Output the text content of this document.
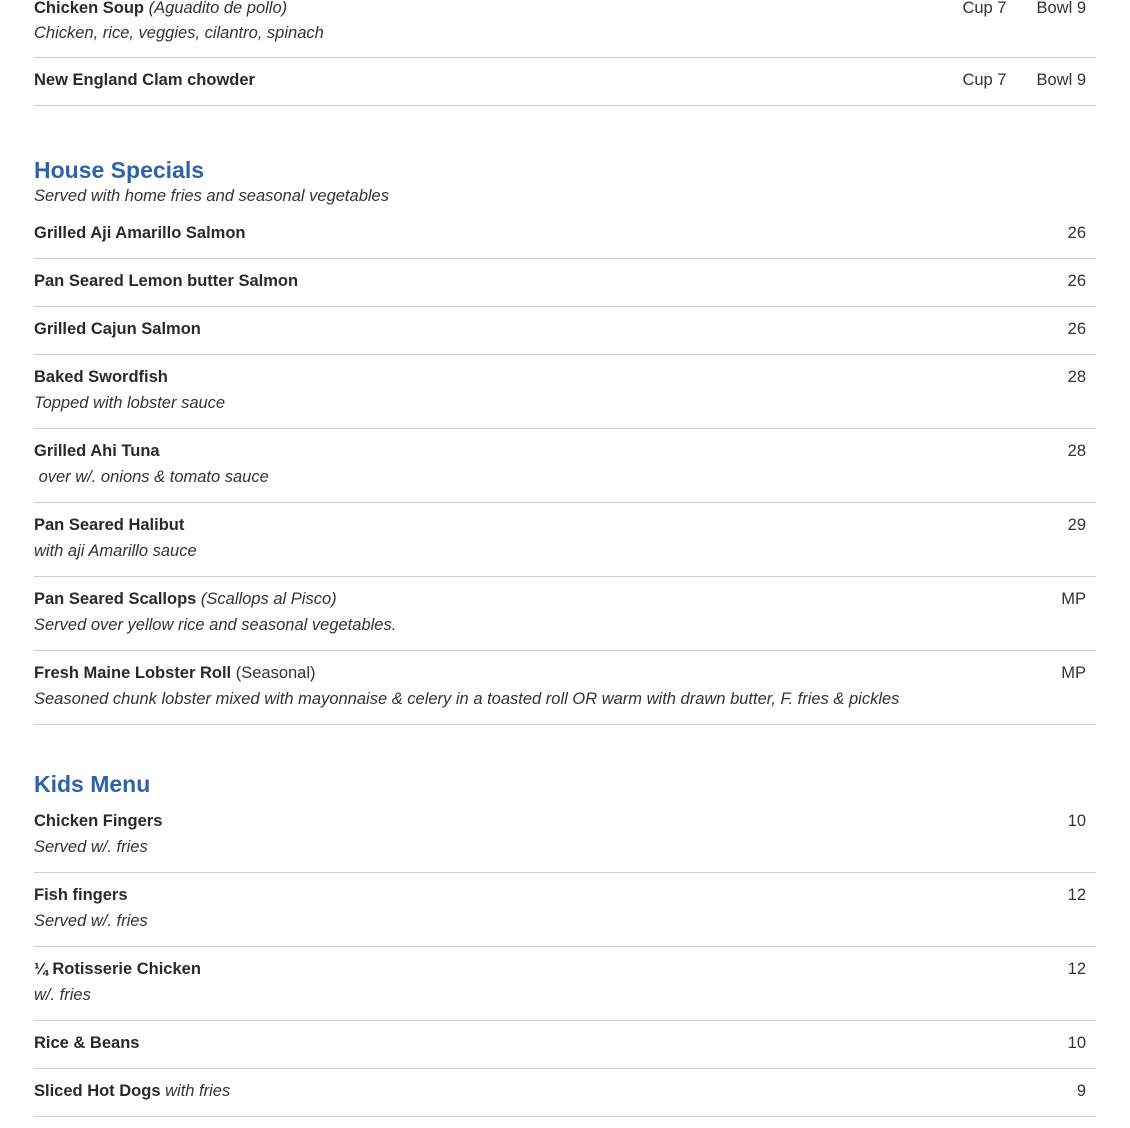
Chicken Soup (Aguadito de pollo)
Chicken, rice, veggies, cilantro, spinach
Cup 7 Bowl 9
New England Clam chowder	Cup 7 Bowl 9
House Specials
Served with home fries and seasonal vegetables
Grilled Aji Amarillo Salmon	26
Pan Seared Lemon butter Salmon	26
Grilled Cajun Salmon	26
Baked Swordfish
Topped with lobster sauce
28
Grilled Ahi Tuna
over w/. onions & tomato sauce
28
Pan Seared Halibut
with aji Amarillo sauce
29
Pan Seared Scallops (Scallops al Pisco)
Served over yellow rice and seasonal vegetables.
MP
Fresh Maine Lobster Roll (Seasonal)
Seasoned chunk lobster mixed with mayonnaise & celery in a toasted roll OR warm with drawn butter, F. fries & pickles
MP
Kids Menu
Chicken Fingers
Served w/. fries
10
Fish fingers
Served w/. fries
12
¼ Rotisserie Chicken
w/. fries
12
Rice & Beans	10
Sliced Hot Dogs with fries	9
